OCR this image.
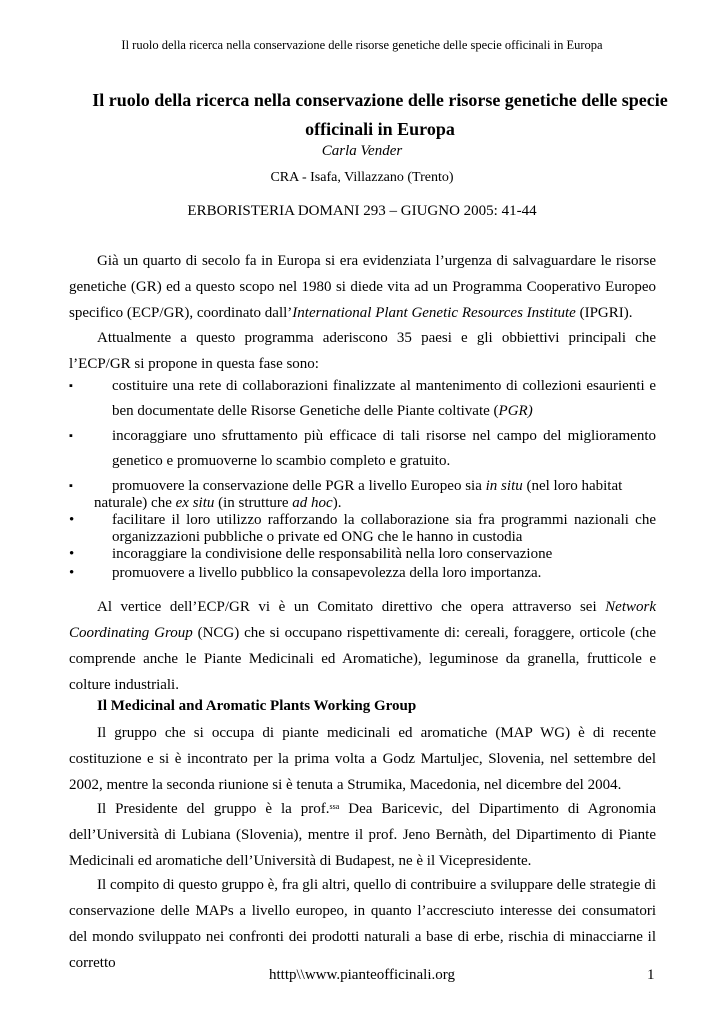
Il ruolo della ricerca nella conservazione delle risorse genetiche delle specie officinali in Europa
Il ruolo della ricerca nella conservazione delle risorse genetiche delle specie
officinali in Europa
Carla Vender
CRA - Isafa, Villazzano (Trento)
ERBORISTERIA DOMANI 293 – GIUGNO 2005: 41-44

Già un quarto di secolo fa in Europa si era evidenziata l’urgenza di salvaguardare le risorse genetiche (GR) ed a questo scopo nel 1980 si diede vita ad un Programma Cooperativo Europeo specifico (ECP/GR), coordinato dall’International Plant Genetic Resources Institute (IPGRI).

Attualmente a questo programma aderiscono 35 paesi e gli obbiettivi principali che l’ECP/GR si propone in questa fase sono:

▪	costituire una rete di collaborazioni finalizzate al mantenimento di collezioni esaurienti e ben documentate delle Risorse Genetiche delle Piante coltivate (PGR)
▪	incoraggiare uno sfruttamento più efficace di tali risorse nel campo del miglioramento genetico e promuoverne lo scambio completo e gratuito.
▪	promuovere la conservazione delle PGR a livello Europeo sia in situ (nel loro habitat
naturale) che ex situ (in strutture ad hoc).
•	facilitare il loro utilizzo rafforzando la collaborazione sia fra programmi nazionali che organizzazioni pubbliche o private ed ONG che le hanno in custodia
•	incoraggiare la condivisione delle responsabilità nella loro conservazione
•	promuovere a livello pubblico la consapevolezza della loro importanza.

Al vertice dell’ECP/GR vi è un Comitato direttivo che opera attraverso sei Network Coordinating Group (NCG) che si occupano rispettivamente di: cereali, foraggere, orticole (che comprende anche le Piante Medicinali ed Aromatiche), leguminose da granella, frutticole e colture industriali.

Il Medicinal and Aromatic Plants Working Group

Il gruppo che si occupa di piante medicinali ed aromatiche (MAP WG) è di recente costituzione e si è incontrato per la prima volta a Godz Martuljec, Slovenia, nel settembre del 2002, mentre la seconda riunione si è tenuta a Strumika, Macedonia, nel dicembre del 2004.

Il Presidente del gruppo è la prof.$^{ssa}$ Dea Baricevic, del Dipartimento di Agronomia dell’Università di Lubiana (Slovenia), mentre il prof. Jeno Bernàth, del Dipartimento di Piante Medicinali ed aromatiche dell’Università di Budapest, ne è il Vicepresidente.

Il compito di questo gruppo è, fra gli altri, quello di contribuire a sviluppare delle strategie di conservazione delle MAPs a livello europeo, in quanto l’accresciuto interesse dei consumatori del mondo sviluppato nei confronti dei prodotti naturali a base di erbe, rischia di minacciarne il corretto

htttp\\www.pianteofficinali.org	1
